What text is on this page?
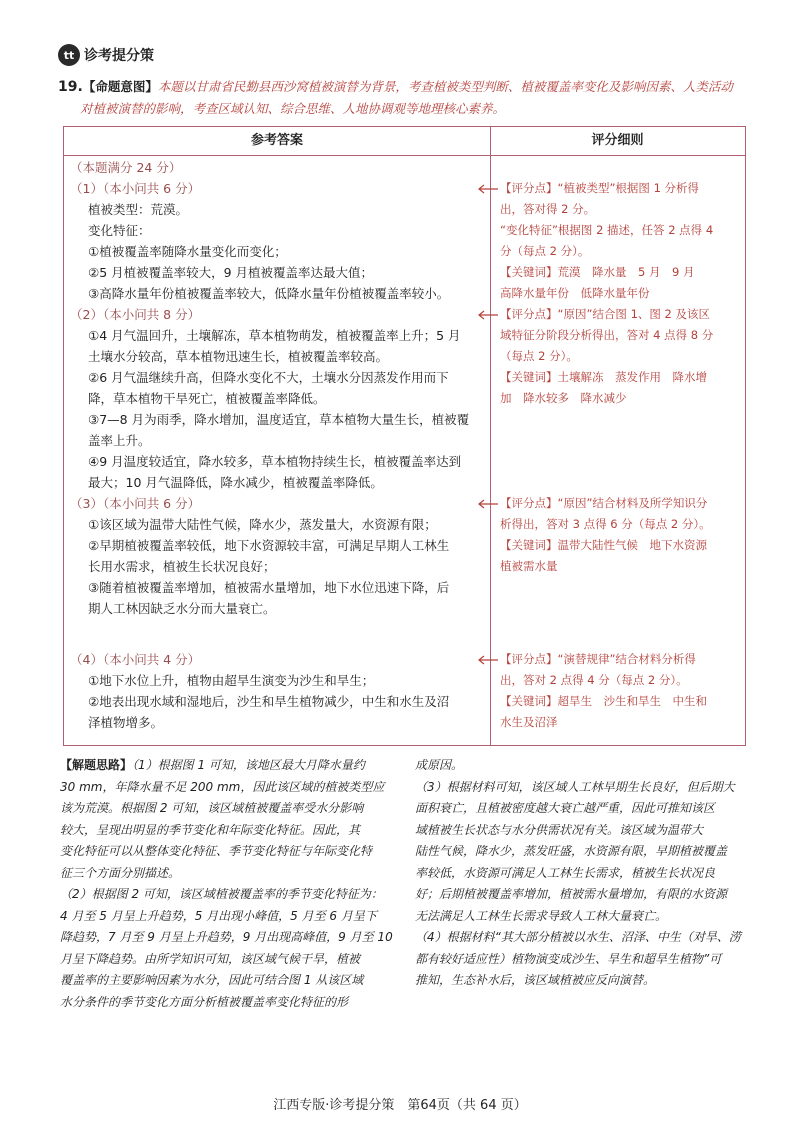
tt 诊考提分策
19.【命题意图】本题以甘肃省民勤县西沙窝植被演替为背景，考查植被类型判断、植被覆盖率变化及影响因素、人类活动
对植被演替的影响，考查区域认知、综合思维、人地协调观等地理核心素养。
参考答案	评分细则
（本题满分 24 分）
（1）（本小问共 6 分）
植被类型：荒漠。
变化特征：
①植被覆盖率随降水量变化而变化；
②5 月植被覆盖率较大，9 月植被覆盖率达最大值；
③高降水量年份植被覆盖率较大，低降水量年份植被覆盖率较小。
（2）（本小问共 8 分）
①4 月气温回升，土壤解冻，草本植物萌发，植被覆盖率上升；5 月
土壤水分较高，草本植物迅速生长，植被覆盖率较高。
②6 月气温继续升高，但降水变化不大，土壤水分因蒸发作用而下
降，草本植物干旱死亡，植被覆盖率降低。
③7—8 月为雨季，降水增加，温度适宜，草本植物大量生长，植被覆
盖率上升。
④9 月温度较适宜，降水较多，草本植物持续生长，植被覆盖率达到
最大；10 月气温降低，降水减少，植被覆盖率降低。
（3）（本小问共 6 分）
①该区域为温带大陆性气候，降水少，蒸发量大，水资源有限；
②早期植被覆盖率较低，地下水资源较丰富，可满足早期人工林生
长用水需求，植被生长状况良好；
③随着植被覆盖率增加，植被需水量增加，地下水位迅速下降，后
期人工林因缺乏水分而大量衰亡。
（4）（本小问共 4 分）
①地下水位上升，植物由超旱生演变为沙生和旱生；
②地表出现水域和湿地后，沙生和旱生植物减少，中生和水生及沼
泽植物增多。
【评分点】“植被类型”根据图 1 分析得
出，答对得 2 分。
“变化特征”根据图 2 描述，任答 2 点得 4
分（每点 2 分）。
【关键词】荒漠　降水量　5 月　9 月
高降水量年份　低降水量年份
【评分点】“原因”结合图 1、图 2 及该区
域特征分阶段分析得出，答对 4 点得 8 分
（每点 2 分）。
【关键词】土壤解冻　蒸发作用　降水增
加　降水较多　降水减少
【评分点】“原因”结合材料及所学知识分
析得出，答对 3 点得 6 分（每点 2 分）。
【关键词】温带大陆性气候　地下水资源
植被需水量
【评分点】“演替规律”结合材料分析得
出，答对 2 点得 4 分（每点 2 分）。
【关键词】超旱生　沙生和旱生　中生和
水生及沼泽
【解题思路】（1）根据图 1 可知，该地区最大月降水量约
30 mm，年降水量不足 200 mm，因此该区域的植被类型应
该为荒漠。根据图 2 可知，该区域植被覆盖率受水分影响
较大，呈现出明显的季节变化和年际变化特征。因此，其
变化特征可以从整体变化特征、季节变化特征与年际变化特
征三个方面分别描述。
（2）根据图 2 可知，该区域植被覆盖率的季节变化特征为：
4 月至 5 月呈上升趋势，5 月出现小峰值，5 月至 6 月呈下
降趋势，7 月至 9 月呈上升趋势，9 月出现高峰值，9 月至 10
月呈下降趋势。由所学知识可知，该区域气候干旱，植被
覆盖率的主要影响因素为水分，因此可结合图 1 从该区域
水分条件的季节变化方面分析植被覆盖率变化特征的形
成原因。
（3）根据材料可知，该区域人工林早期生长良好，但后期大
面积衰亡，且植被密度越大衰亡越严重，因此可推知该区
域植被生长状态与水分供需状况有关。该区域为温带大
陆性气候，降水少，蒸发旺盛，水资源有限，早期植被覆盖
率较低，水资源可满足人工林生长需求，植被生长状况良
好；后期植被覆盖率增加，植被需水量增加，有限的水资源
无法满足人工林生长需求导致人工林大量衰亡。
（4）根据材料“其大部分植被以水生、沼泽、中生（对旱、涝
都有较好适应性）植物演变成沙生、旱生和超旱生植物”可
推知，生态补水后，该区域植被应反向演替。
江西专版·诊考提分策　第64页（共 64 页）
